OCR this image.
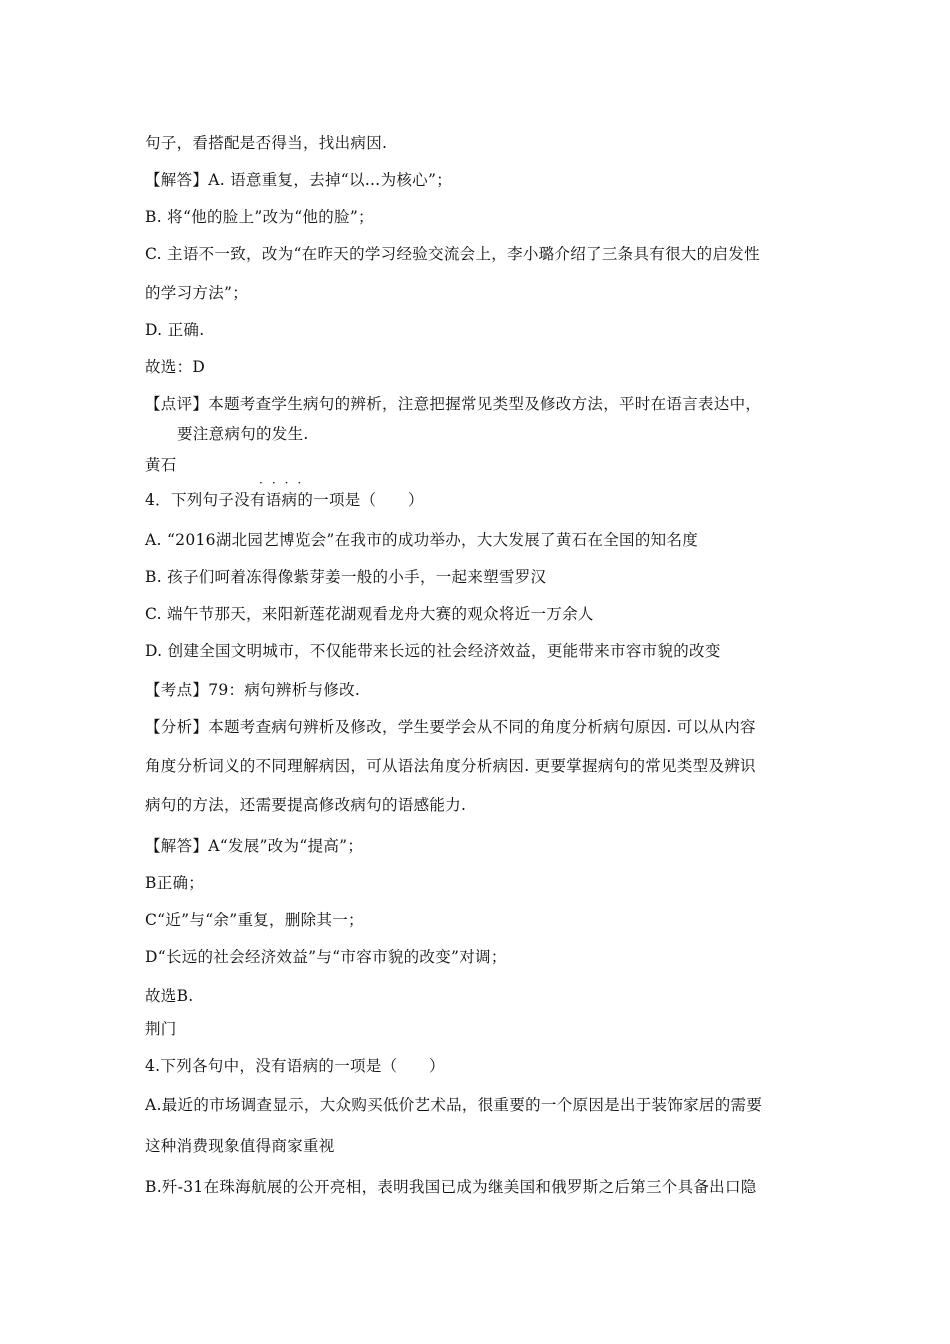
句子，看搭配是否得当，找出病因.
【解答】A. 语意重复，去掉“以…为核心”；
B. 将“他的脸上”改为“他的脸”；
C. 主语不一致，改为“在昨天的学习经验交流会上，李小璐介绍了三条具有很大的启发性
的学习方法”；
D. 正确.
故选：D
【点评】本题考查学生病句的辨析，注意把握常见类型及修改方法，平时在语言表达中，
要注意病句的发生.
黄石
····
4．下列句子没有语病的一项是（　　）
A. “2016湖北园艺博览会”在我市的成功举办，大大发展了黄石在全国的知名度
B. 孩子们呵着冻得像紫芽姜一般的小手，一起来塑雪罗汉
C. 端午节那天，来阳新莲花湖观看龙舟大赛的观众将近一万余人
D. 创建全国文明城市，不仅能带来长远的社会经济效益，更能带来市容市貌的改变
【考点】79：病句辨析与修改.
【分析】本题考查病句辨析及修改，学生要学会从不同的角度分析病句原因. 可以从内容
角度分析词义的不同理解病因，可从语法角度分析病因. 更要掌握病句的常见类型及辨识
病句的方法，还需要提高修改病句的语感能力.
【解答】A“发展”改为“提高”；
B正确；
C“近”与“余”重复，删除其一；
D“长远的社会经济效益”与“市容市貌的改变”对调；
故选B.
荆门
4.下列各句中，没有语病的一项是（　　）
A.最近的市场调查显示，大众购买低价艺术品，很重要的一个原因是出于装饰家居的需要
这种消费现象值得商家重视
B.歼-31在珠海航展的公开亮相，表明我国已成为继美国和俄罗斯之后第三个具备出口隐
